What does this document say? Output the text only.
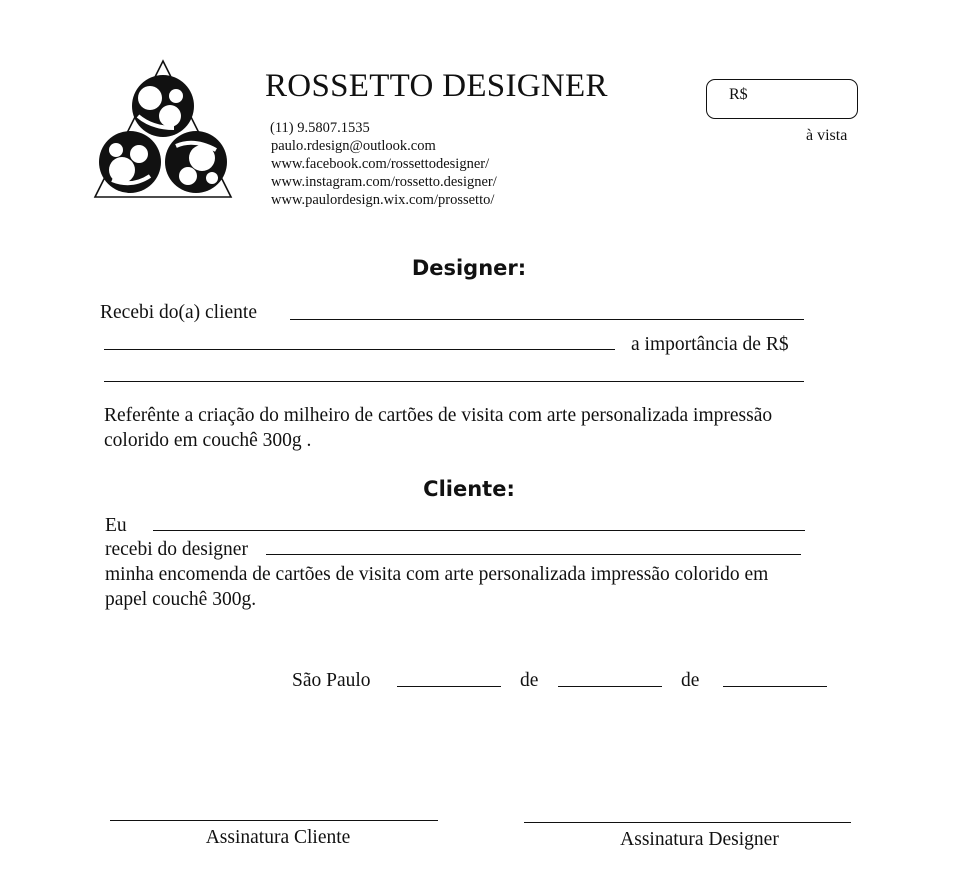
ROSSETTO DESIGNER
(11) 9.5807.1535
paulo.rdesign@outlook.com
www.facebook.com/rossettodesigner/
www.instagram.com/rossetto.designer/
www.paulordesign.wix.com/prossetto/
R$
à vista
Designer:
Recebi do(a) cliente
a importância de R$
Referênte a criação do milheiro de cartões de visita com arte personalizada impressão
colorido em couchê 300g .
Cliente:
Eu
recebi do designer
minha encomenda de cartões de visita com arte personalizada impressão colorido em
papel couchê 300g.
São Paulo	de	de
Assinatura Cliente	Assinatura Designer
